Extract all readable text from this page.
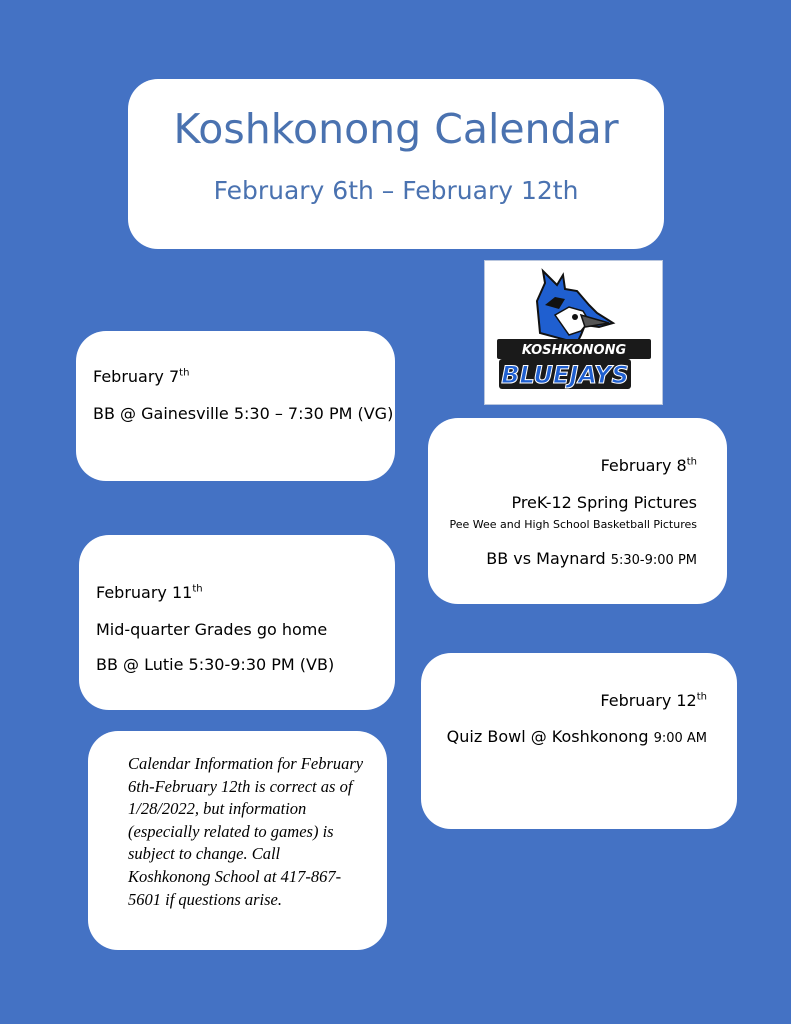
Koshkonong Calendar
February 6th – February 12th
KOSHKONONG
BLUEJAYS
February 7th
BB @ Gainesville 5:30 – 7:30 PM (VG)
February 8th
PreK-12 Spring Pictures
Pee Wee and High School Basketball Pictures
BB vs Maynard 5:30-9:00 PM
February 11th
Mid-quarter Grades go home
BB @ Lutie 5:30-9:30 PM (VB)
February 12th
Quiz Bowl @ Koshkonong 9:00 AM
Calendar Information for February 6th-February 12th is correct as of 1/28/2022, but information (especially related to games) is subject to change. Call Koshkonong School at 417-867-5601 if questions arise.
